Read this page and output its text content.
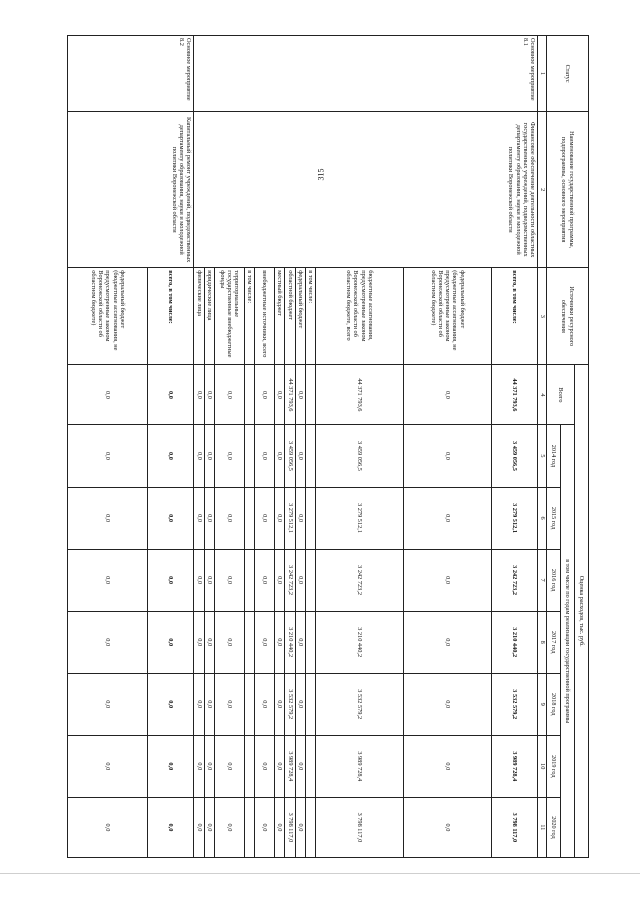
315
Статус	Наименование государственной программы, подпрограммы, основного мероприятия	Источники ресурсного обеспечения	Оценка расходов, тыс. руб.							
			Всего	в том числе по годам реализации государственной программы						
				2014 год	2015 год	2016 год	2017 год	2018 год	2019 год	2020 год
1	2	3	4	5	6	7	8	9	10	11
Основное мероприятие 8.1	Финансовое обеспечение деятельности областных государственных учреждений, подведомственных департаменту образования, науки и молодежной политики Воронежской области	всего, в том числе:	44 371 793,6	3 459 056,5	3 279 512,1	3 242 723,2	3 210 440,2	3 532 579,2	3 989 728,4	3 798 117,0
		федеральный бюджет (бюджетные ассигнования, не предусмотренные законом Воронежской области об областном бюджете)	0,0	0,0	0,0	0,0	0,0	0,0	0,0	0,0
		бюджетные ассигнования, предусмотренные законом Воронежской области об областном бюджете, всего	44 371 793,6	3 459 056,5	3 279 512,1	3 242 723,2	3 210 440,2	3 532 579,2	3 989 728,4	3 798 117,0
		в том числе:								
		федеральный бюджет	0,0	0,0	0,0	0,0	0,0	0,0	0,0	0,0
		областной бюджет	44 371 793,6	3 459 056,5	3 279 512,1	3 242 723,2	3 210 440,2	3 532 579,2	3 989 728,4	3 798 117,0
		местный бюджет	0,0	0,0	0,0	0,0	0,0	0,0	0,0	0,0
		внебюджетные источники, всего	0,0	0,0	0,0	0,0	0,0	0,0	0,0	0,0
		в том числе:								
		территориальные государственные внебюджетные фонды	0,0	0,0	0,0	0,0	0,0	0,0	0,0	0,0
		юридические лица	0,0	0,0	0,0	0,0	0,0	0,0	0,0	0,0
		физические лица	0,0	0,0	0,0	0,0	0,0	0,0	0,0	0,0
Основное мероприятие 8.2	Капитальный ремонт учреждений, подведомственных департаменту образования, науки и молодежной политики Воронежской области	всего, в том числе:	0,0	0,0	0,0	0,0	0,0	0,0	0,0	0,0
		федеральный бюджет (бюджетные ассигнования, не предусмотренные законом Воронежской области об областном бюджете)	0,0	0,0	0,0	0,0	0,0	0,0	0,0	0,0
